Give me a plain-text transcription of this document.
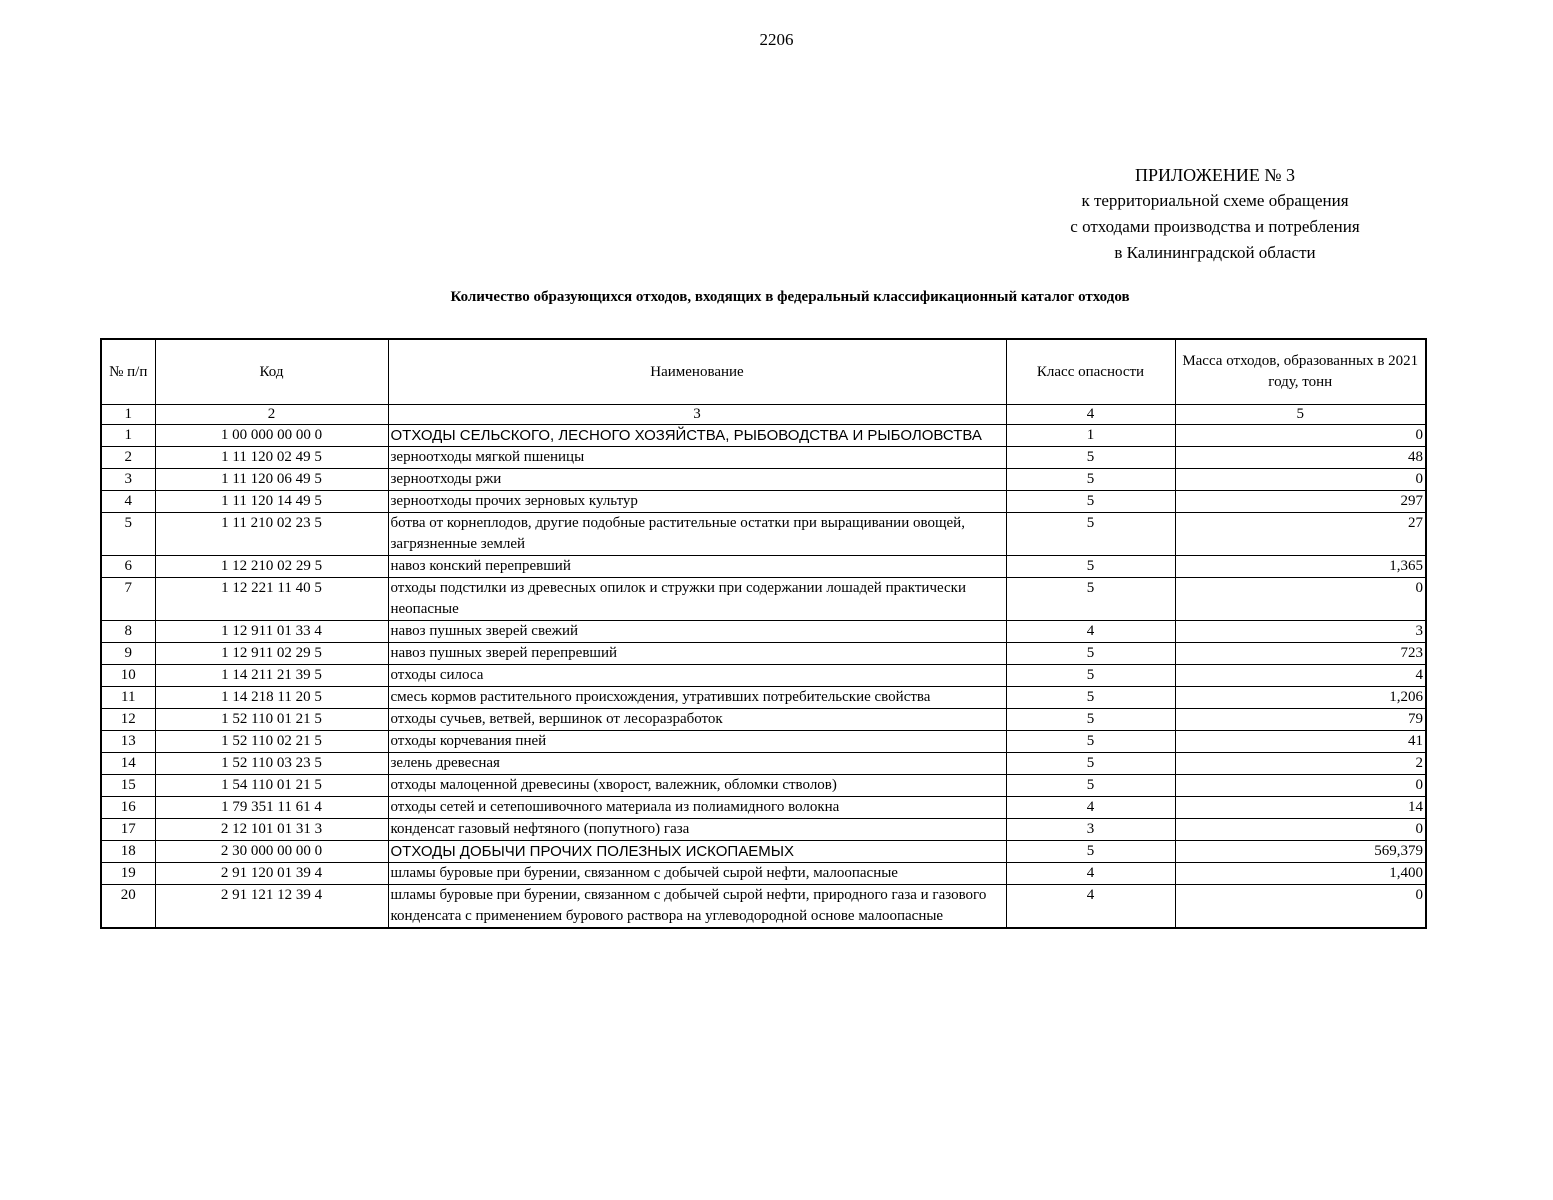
2206
ПРИЛОЖЕНИЕ № 3
к территориальной схеме обращения
с отходами производства и потребления
в Калининградской области
Количество образующихся отходов, входящих в федеральный классификационный каталог отходов
№ п/п	Код	Наименование	Класс опасности	Масса отходов, образованных в 2021 году, тонн
1	2	3	4	5
1	1 00 000 00 00 0	ОТХОДЫ СЕЛЬСКОГО, ЛЕСНОГО ХОЗЯЙСТВА, РЫБОВОДСТВА И РЫБОЛОВСТВА	1	0
2	1 11 120 02 49 5	зерноотходы мягкой пшеницы	5	48
3	1 11 120 06 49 5	зерноотходы ржи	5	0
4	1 11 120 14 49 5	зерноотходы прочих зерновых культур	5	297
5	1 11 210 02 23 5	ботва от корнеплодов, другие подобные растительные остатки при выращивании овощей, загрязненные землей	5	27
6	1 12 210 02 29 5	навоз конский перепревший	5	1,365
7	1 12 221 11 40 5	отходы подстилки из древесных опилок и стружки при содержании лошадей практически неопасные	5	0
8	1 12 911 01 33 4	навоз пушных зверей свежий	4	3
9	1 12 911 02 29 5	навоз пушных зверей перепревший	5	723
10	1 14 211 21 39 5	отходы силоса	5	4
11	1 14 218 11 20 5	смесь кормов растительного происхождения, утративших потребительские свойства	5	1,206
12	1 52 110 01 21 5	отходы сучьев, ветвей, вершинок от лесоразработок	5	79
13	1 52 110 02 21 5	отходы корчевания пней	5	41
14	1 52 110 03 23 5	зелень древесная	5	2
15	1 54 110 01 21 5	отходы малоценной древесины (хворост, валежник, обломки стволов)	5	0
16	1 79 351 11 61 4	отходы сетей и сетепошивочного материала из полиамидного волокна	4	14
17	2 12 101 01 31 3	конденсат газовый нефтяного (попутного) газа	3	0
18	2 30 000 00 00 0	ОТХОДЫ ДОБЫЧИ ПРОЧИХ ПОЛЕЗНЫХ ИСКОПАЕМЫХ	5	569,379
19	2 91 120 01 39 4	шламы буровые при бурении, связанном с добычей сырой нефти, малоопасные	4	1,400
20	2 91 121 12 39 4	шламы буровые при бурении, связанном с добычей сырой нефти, природного газа и газового конденсата с применением бурового раствора на углеводородной основе малоопасные	4	0
